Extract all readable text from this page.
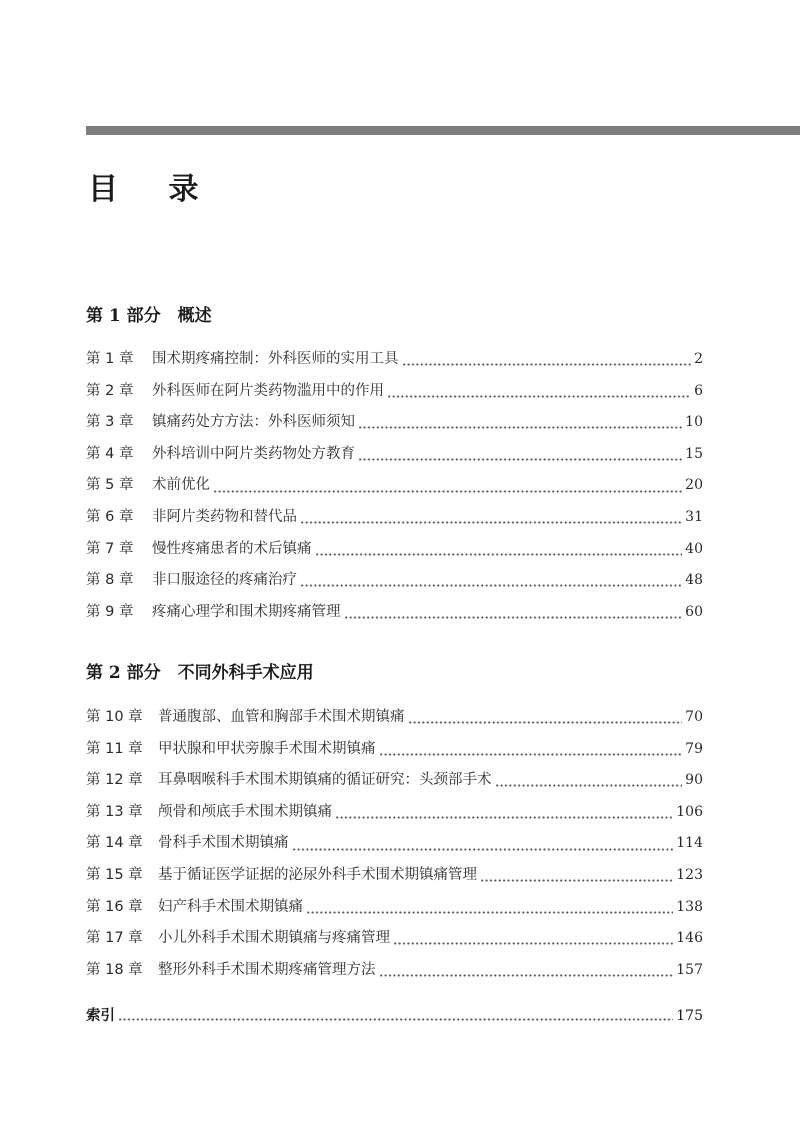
目 录
第 1 部分　概述
第 1 章	围术期疼痛控制：外科医师的实用工具	2
第 2 章	外科医师在阿片类药物滥用中的作用	6
第 3 章	镇痛药处方方法：外科医师须知	10
第 4 章	外科培训中阿片类药物处方教育	15
第 5 章	术前优化	20
第 6 章	非阿片类药物和替代品	31
第 7 章	慢性疼痛患者的术后镇痛	40
第 8 章	非口服途径的疼痛治疗	48
第 9 章	疼痛心理学和围术期疼痛管理	60
第 2 部分　不同外科手术应用
第 10 章	普通腹部、血管和胸部手术围术期镇痛	70
第 11 章	甲状腺和甲状旁腺手术围术期镇痛	79
第 12 章	耳鼻咽喉科手术围术期镇痛的循证研究：头颈部手术	90
第 13 章	颅骨和颅底手术围术期镇痛	106
第 14 章	骨科手术围术期镇痛	114
第 15 章	基于循证医学证据的泌尿外科手术围术期镇痛管理	123
第 16 章	妇产科手术围术期镇痛	138
第 17 章	小儿外科手术围术期镇痛与疼痛管理	146
第 18 章	整形外科手术围术期疼痛管理方法	157
索引	175
